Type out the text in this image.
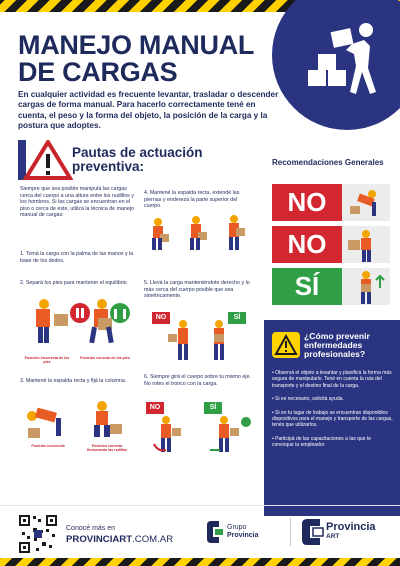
MANEJO MANUAL
DE CARGAS
En cualquier actividad es frecuente levantar, trasladar o descender cargas de forma manual. Para hacerlo correctamente tené en cuenta, el peso y la forma del objeto, la posición de la carga y la postura que adoptes.
Pautas de actuación preventiva:
Siempre que sea posible manipulá las cargas cerca del cuerpo a una altura entre los nudillos y los hombros. Si las cargas se encuentran en el piso o cerca de este, utilizá la técnica de manejo manual de cargas:
1. Tomá la carga con la palma de las manos y la base de los dedos.
2. Separá los pies para mantener el equilibrio.
Posición incorrecta de los pies
Posición correcta de los pies
3. Mantené la espalda recta y fijá la columna.
Posición incorrecta	Posición correcta flexionando las rodillas
4. Mantené la espalda recta, extendé las piernas y enderezá la parte superior del cuerpo.
5. Llevá la carga manteniéndote derecho y lo más cerca del cuerpo posible que sea simétricamente.
NO	SÍ
6. Siempre girá el cuerpo sobre tu mismo eje. No rotes el tronco con la carga.
NO	SÍ
Recomendaciones Generales
NO
NO
SÍ
¿Cómo prevenir enfermedades profesionales?
• Observá el objeto a levantar y planificá la forma más segura de manipularlo. Tené en cuenta la ruta del transporte y el destino final de la carga.
• Si es necesario, solicitá ayuda.
• Si en tu lugar de trabajo se encuentran disponibles dispositivos para el manejo y transporte de las cargas, tenés que utilizarlos.
• Participá de las capacitaciones a las que te convoque tu empleador.
Conocé más en
PROVINCIART.COM.AR
Grupo
Provincia
Provincia
ART
